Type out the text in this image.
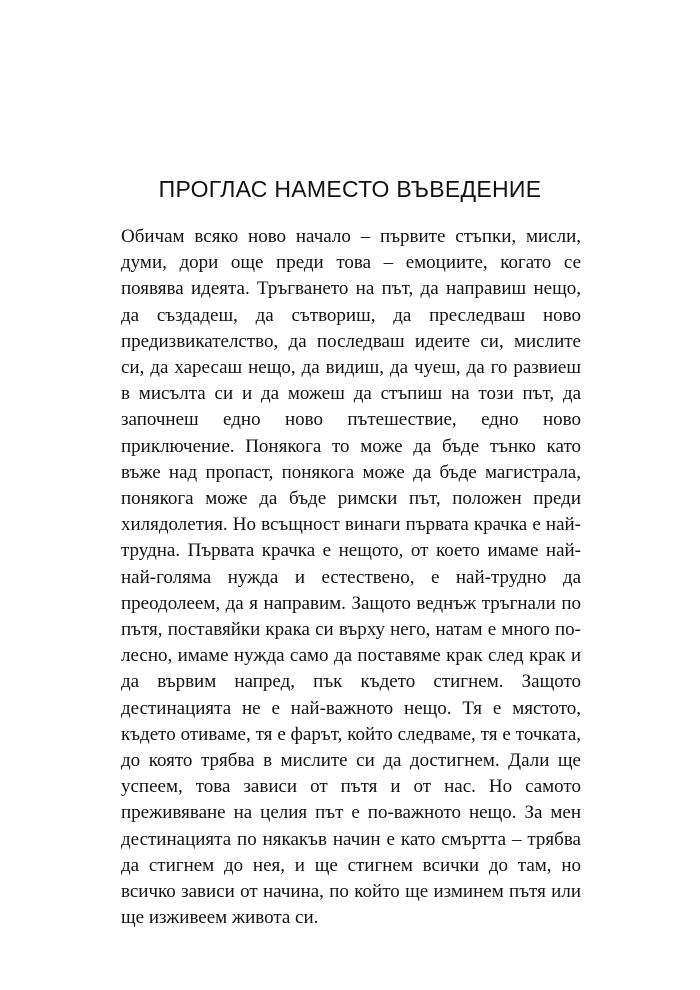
ПРОГЛАС НАМЕСТО ВЪВЕДЕНИЕ

Обичам всяко ново начало – първите стъпки, мисли, думи, дори още преди това – емоциите, когато се появява идеята. Тръгването на път, да направиш нещо, да създадеш, да сътвориш, да преследваш ново предизвикателство, да последваш идеите си, мислите си, да харесаш нещо, да видиш, да чуеш, да го развиеш в мисълта си и да можеш да стъпиш на този път, да започнеш едно ново пътешествие, едно ново приключение. Понякога то може да бъде тънко като въже над пропаст, понякога може да бъде магистрала, понякога може да бъде римски път, положен преди хилядолетия. Но всъщност винаги първата крачка е най-трудна. Първата крачка е нещото, от което имаме най-най-голяма нужда и естествено, е най-трудно да преодолеем, да я направим. Защото веднъж тръгнали по пътя, поставяйки крака си върху него, натам е много по-лесно, имаме нужда само да поставяме крак след крак и да вървим напред, пък където стигнем. Защото дестинацията не е най-важното нещо. Тя е мястото, където отиваме, тя е фарът, който следваме, тя е точката, до която трябва в мислите си да достигнем. Дали ще успеем, това зависи от пътя и от нас. Но самото преживяване на целия път е по-важното нещо. За мен дестинацията по някакъв начин е като смъртта – трябва да стигнем до нея, и ще стигнем всички до там, но всичко зависи от начина, по който ще изминем пътя или ще изживеем живота си.
